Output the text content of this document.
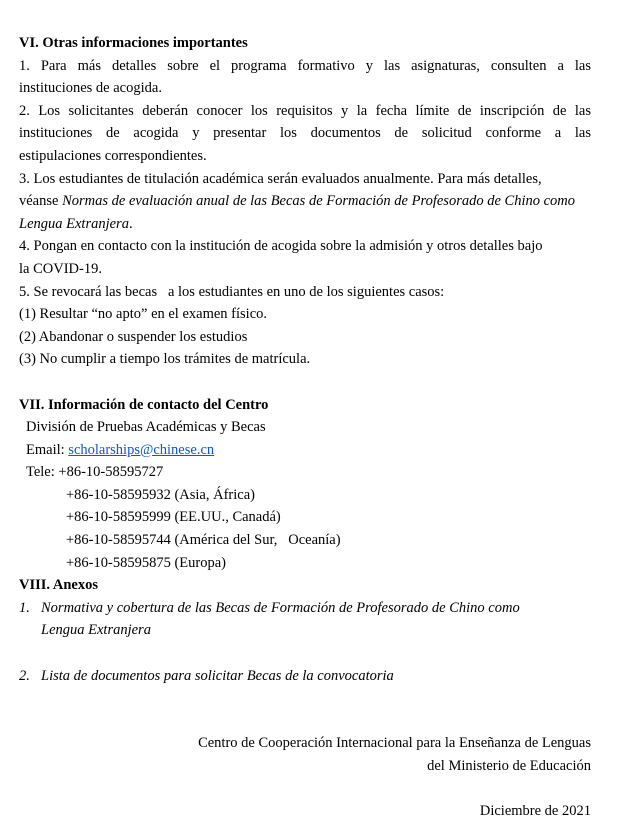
VI. Otras informaciones importantes
1. Para más detalles sobre el programa formativo y las asignaturas, consulten a las
instituciones de acogida.
2. Los solicitantes deberán conocer los requisitos y la fecha límite de inscripción de las
instituciones de acogida y presentar los documentos de solicitud conforme a las
estipulaciones correspondientes.
3. Los estudiantes de titulación académica serán evaluados anualmente. Para más detalles,
véanse Normas de evaluación anual de las Becas de Formación de Profesorado de Chino como
Lengua Extranjera.
4. Pongan en contacto con la institución de acogida sobre la admisión y otros detalles bajo
la COVID-19.
5. Se revocará las becas   a los estudiantes en uno de los siguientes casos:
(1) Resultar “no apto” en el examen físico.
(2) Abandonar o suspender los estudios
(3) No cumplir a tiempo los trámites de matrícula.
VII. Información de contacto del Centro
División de Pruebas Académicas y Becas
Email: scholarships@chinese.cn
Tele: +86-10-58595727
+86-10-58595932 (Asia, África)
+86-10-58595999 (EE.UU., Canadá)
+86-10-58595744 (América del Sur,   Oceanía)
+86-10-58595875 (Europa)
VIII. Anexos
1. Normativa y cobertura de las Becas de Formación de Profesorado de Chino como
Lengua Extranjera
2. Lista de documentos para solicitar Becas de la convocatoria
Centro de Cooperación Internacional para la Enseñanza de Lenguas
del Ministerio de Educación
Diciembre de 2021
